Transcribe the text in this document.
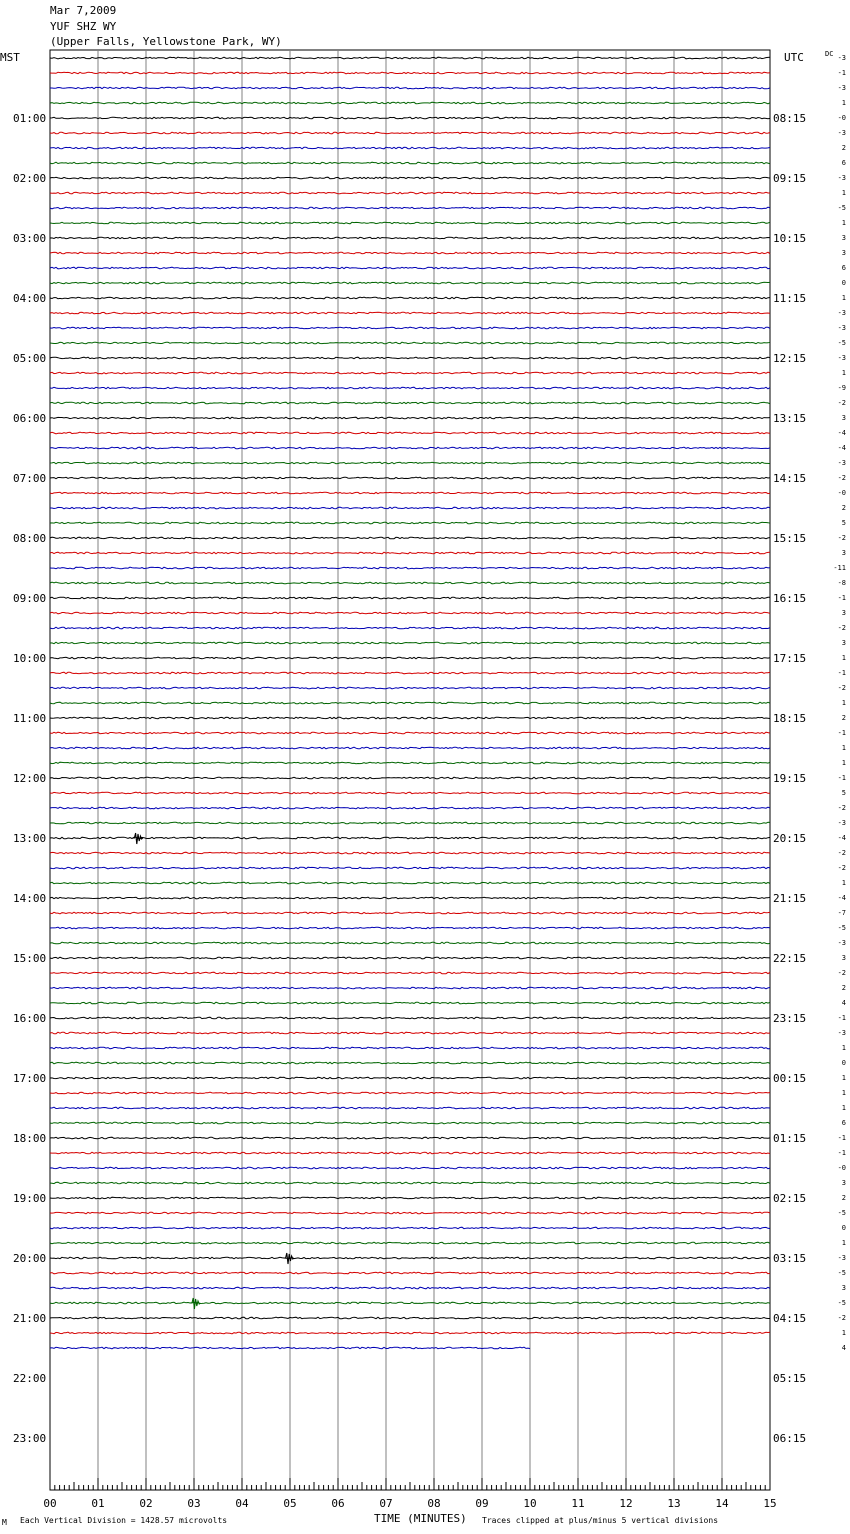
Mar 7,2009
YUF SHZ WY
(Upper Falls, Yellowstone Park, WY)
01:00
02:00
03:00
04:00
05:00
06:00
07:00
08:00
09:00
10:00
11:00
12:00
13:00
14:00
15:00
16:00
17:00
18:00
19:00
20:00
21:00
22:00
23:00
08:15
09:15
10:15
11:15
12:15
13:15
14:15
15:15
16:15
17:15
18:15
19:15
20:15
21:15
22:15
23:15
00:15
01:15
02:15
03:15
04:15
05:15
06:15
-3
-1
-3
1
-0
-3
2
6
-3
1
-5
1
3
3
6
0
1
-3
-3
-5
-3
1
-9
-2
3
-4
-4
-3
-2
-0
2
5
-2
3
-11
-8
-1
3
-2
3
1
-1
-2
1
2
-1
1
1
-1
5
-2
-3
-4
-2
-2
1
-4
-7
-5
-3
3
-2
2
4
-1
-3
1
0
1
1
1
6
-1
-1
-0
3
2
-5
0
1
-3
-5
3
-5
-2
1
4
00	01	02	03	04	05	06	07	08	09	10	11	12	13	14	15
MST	UTC	DC
M Each Vertical Division = 1428.57 microvolts	TIME (MINUTES) Traces clipped at plus/minus 5 vertical divisions
